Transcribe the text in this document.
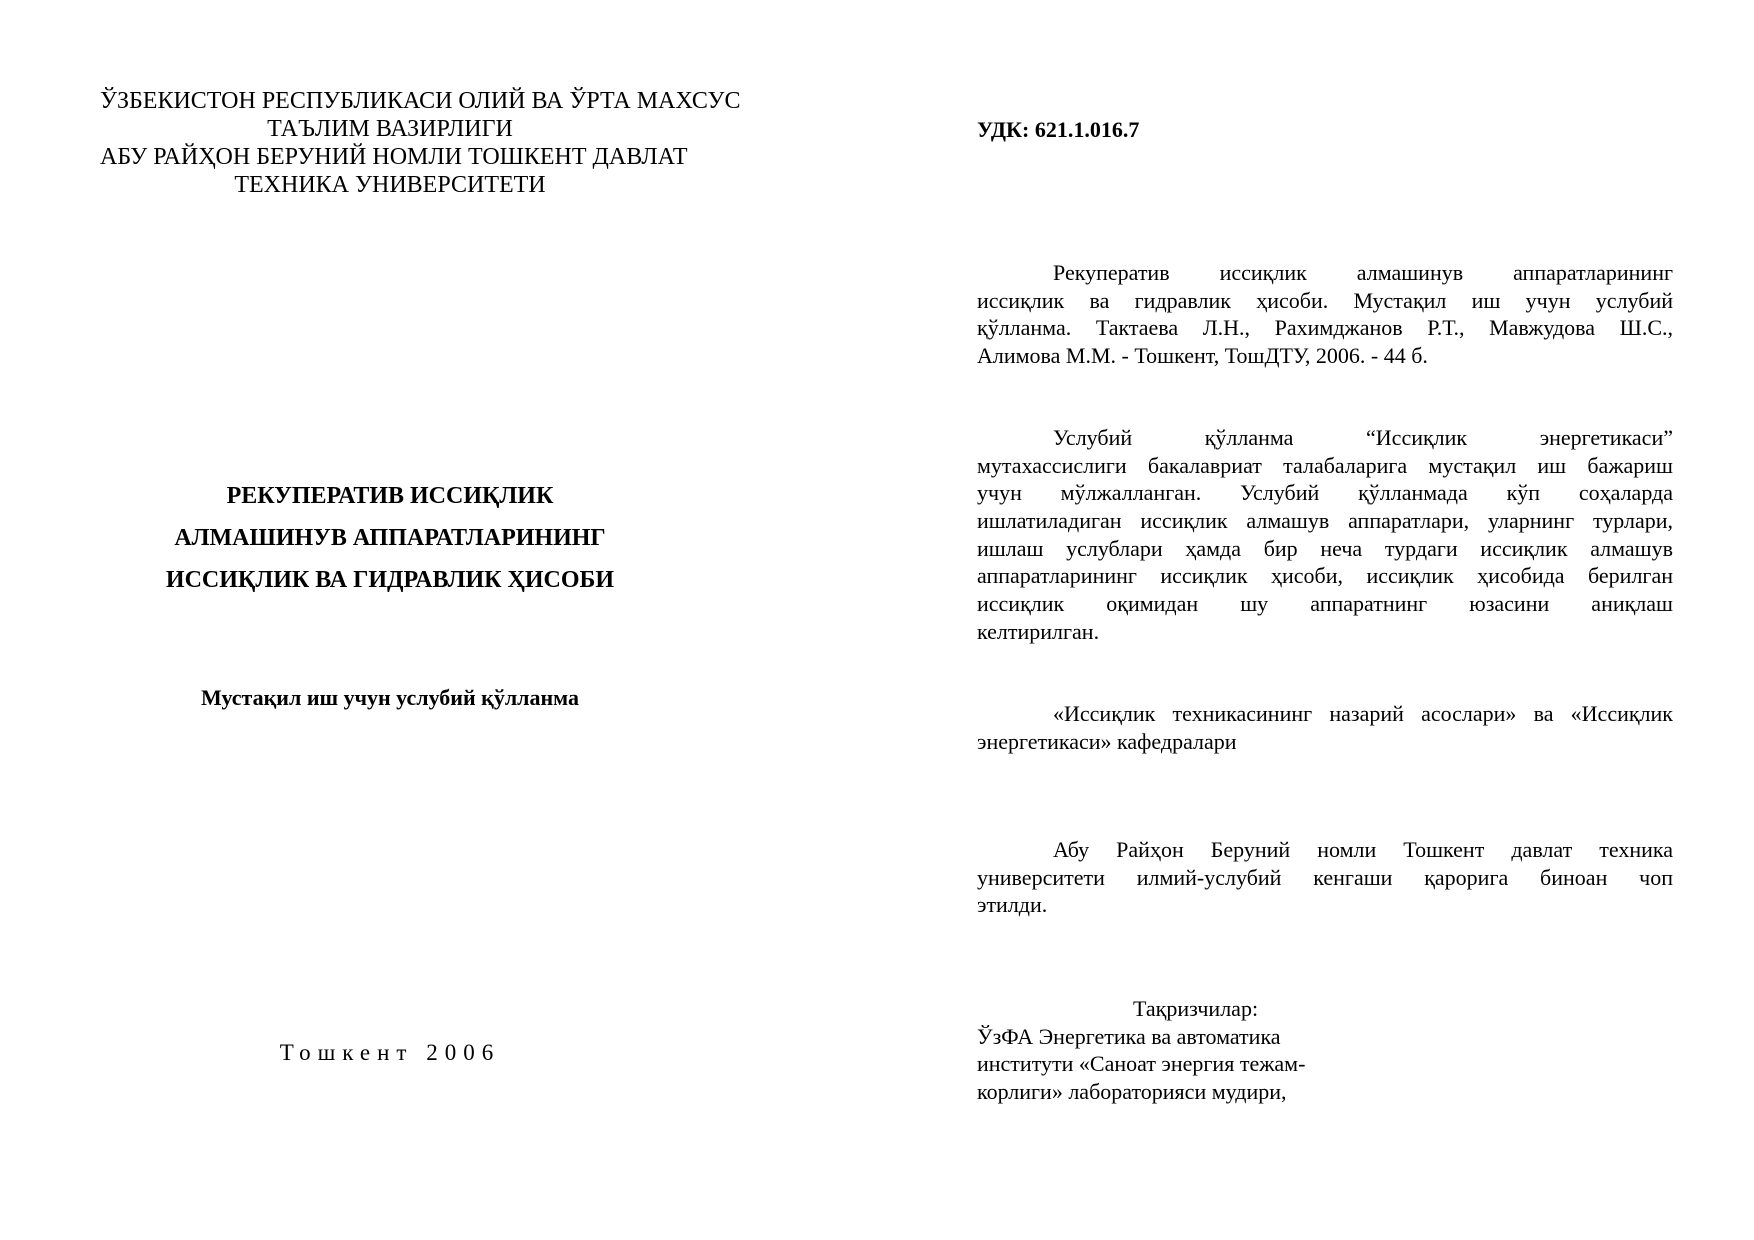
ЎЗБЕКИСТОН РЕСПУБЛИКАСИ ОЛИЙ ВА ЎРТА МАХСУС
ТАЪЛИМ ВАЗИРЛИГИ
АБУ РАЙҲОН БЕРУНИЙ НОМЛИ ТОШКЕНТ ДАВЛАТ
ТЕХНИКА УНИВЕРСИТЕТИ
РЕКУПЕРАТИВ ИССИҚЛИК
АЛМАШИНУВ АППАРАТЛАРИНИНГ
ИССИҚЛИК ВА ГИДРАВЛИК ҲИСОБИ
Мустақил иш учун услубий қўлланма
Тошкент 2006
УДК: 621.1.016.7
Рекуператив иссиқлик алмашинув аппаратларининг
иссиқлик ва гидравлик ҳисоби. Мустақил иш учун услубий
қўлланма. Тактаева Л.Н., Рахимджанов Р.Т., Мавжудова Ш.С.,
Алимова М.М. - Тошкент, ТошДТУ, 2006. - 44 б.
Услубий қўлланма “Иссиқлик энергетикаси”
мутахассислиги бакалавриат талабаларига мустақил иш бажариш
учун мўлжалланган. Услубий қўлланмада кўп соҳаларда
ишлатиладиган иссиқлик алмашув аппаратлари, уларнинг турлари,
ишлаш услублари ҳамда бир неча турдаги иссиқлик алмашув
аппаратларининг иссиқлик ҳисоби, иссиқлик ҳисобида берилган
иссиқлик оқимидан шу аппаратнинг юзасини аниқлаш
келтирилган.
«Иссиқлик техникасининг назарий асослари» ва «Иссиқлик
энергетикаси» кафедралари
Абу Райҳон Беруний номли Тошкент давлат техника
университети илмий-услубий кенгаши қарорига биноан чоп
этилди.
Тақризчилар:
ЎзФА Энергетика ва автоматика
институти «Саноат энергия тежам-
корлиги» лабораторияси мудири,
